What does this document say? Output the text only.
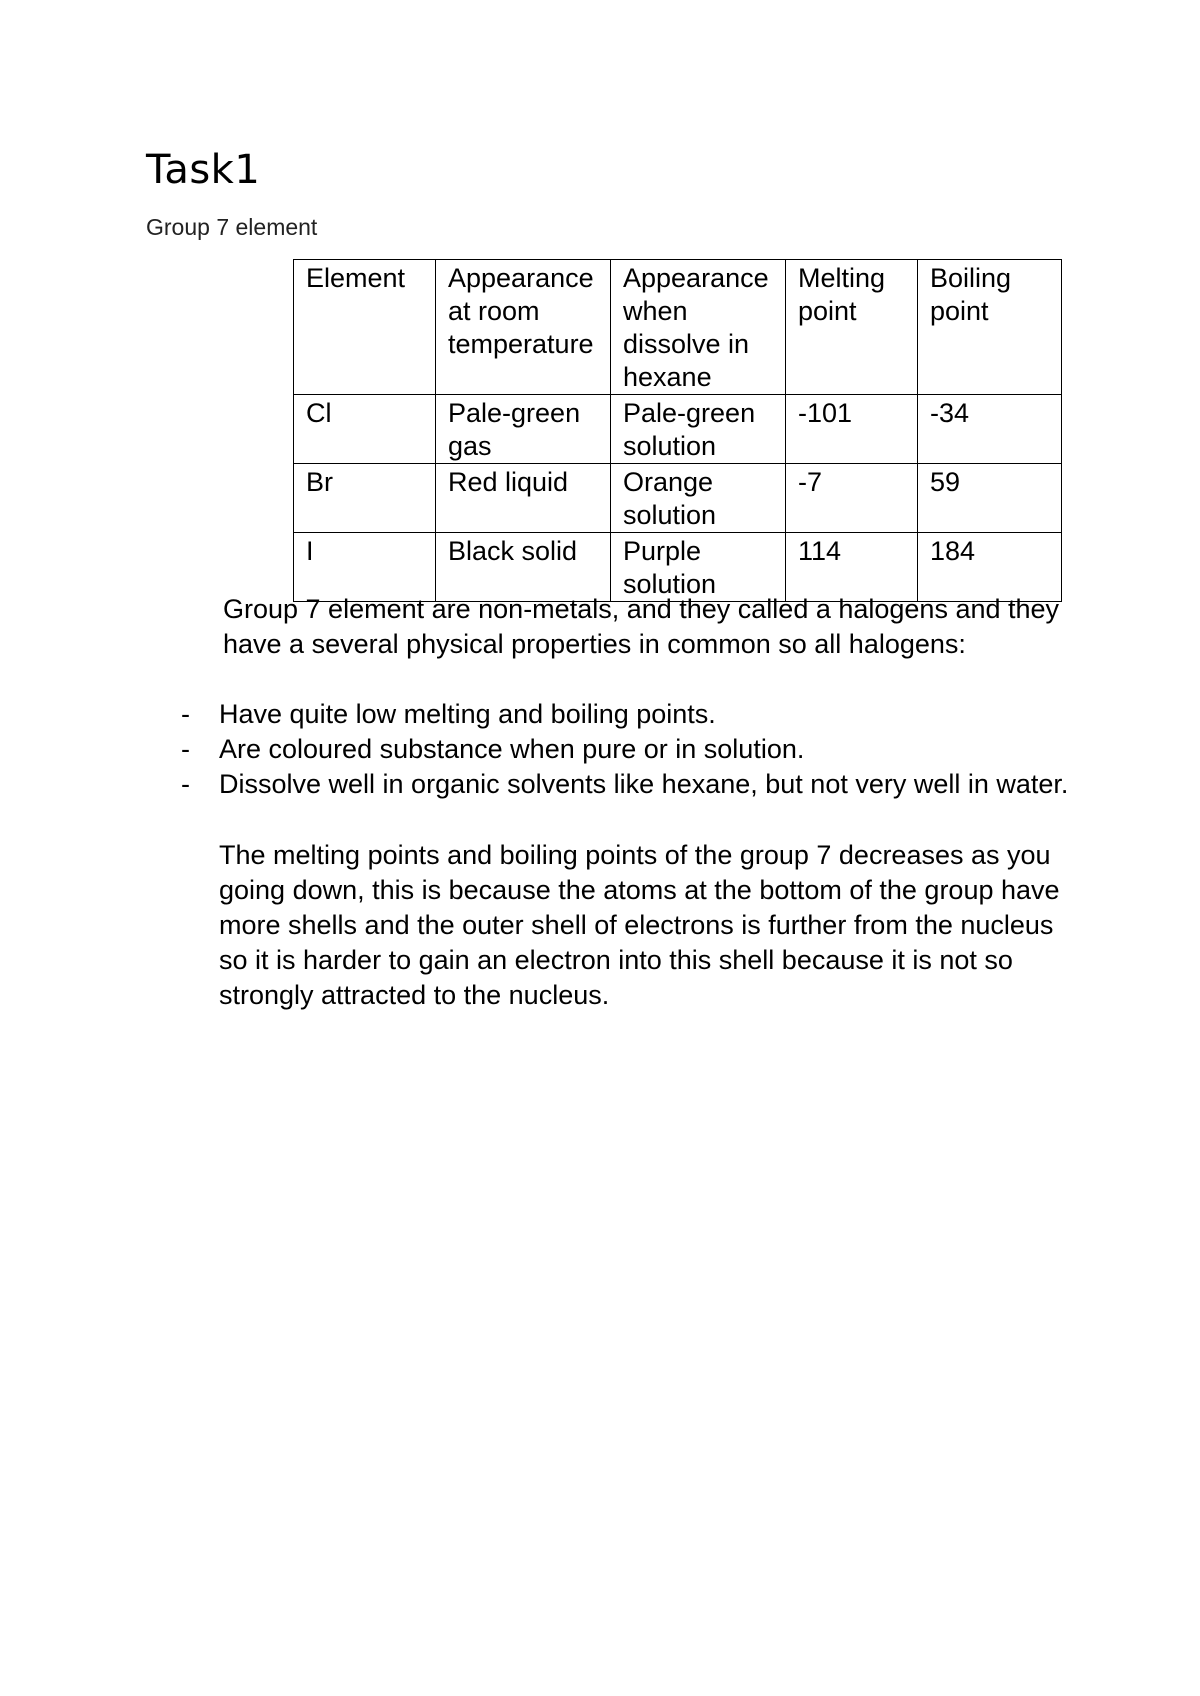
Task1
Group 7 element
Element	Appearance at room temperature	Appearance when dissolve in hexane	Melting point	Boiling point
Cl	Pale-green gas	Pale-green solution	-101	-34
Br	Red liquid	Orange solution	-7	59
I	Black solid	Purple solution	114	184
Group 7 element are non-metals, and they called a halogens and they have a several physical properties in common so all halogens:
- Have quite low melting and boiling points.
- Are coloured substance when pure or in solution.
- Dissolve well in organic solvents like hexane, but not very well in water.
The melting points and boiling points of the group 7 decreases as you going down, this is because the atoms at the bottom of the group have more shells and the outer shell of electrons is further from the nucleus so it is harder to gain an electron into this shell because it is not so strongly attracted to the nucleus.
